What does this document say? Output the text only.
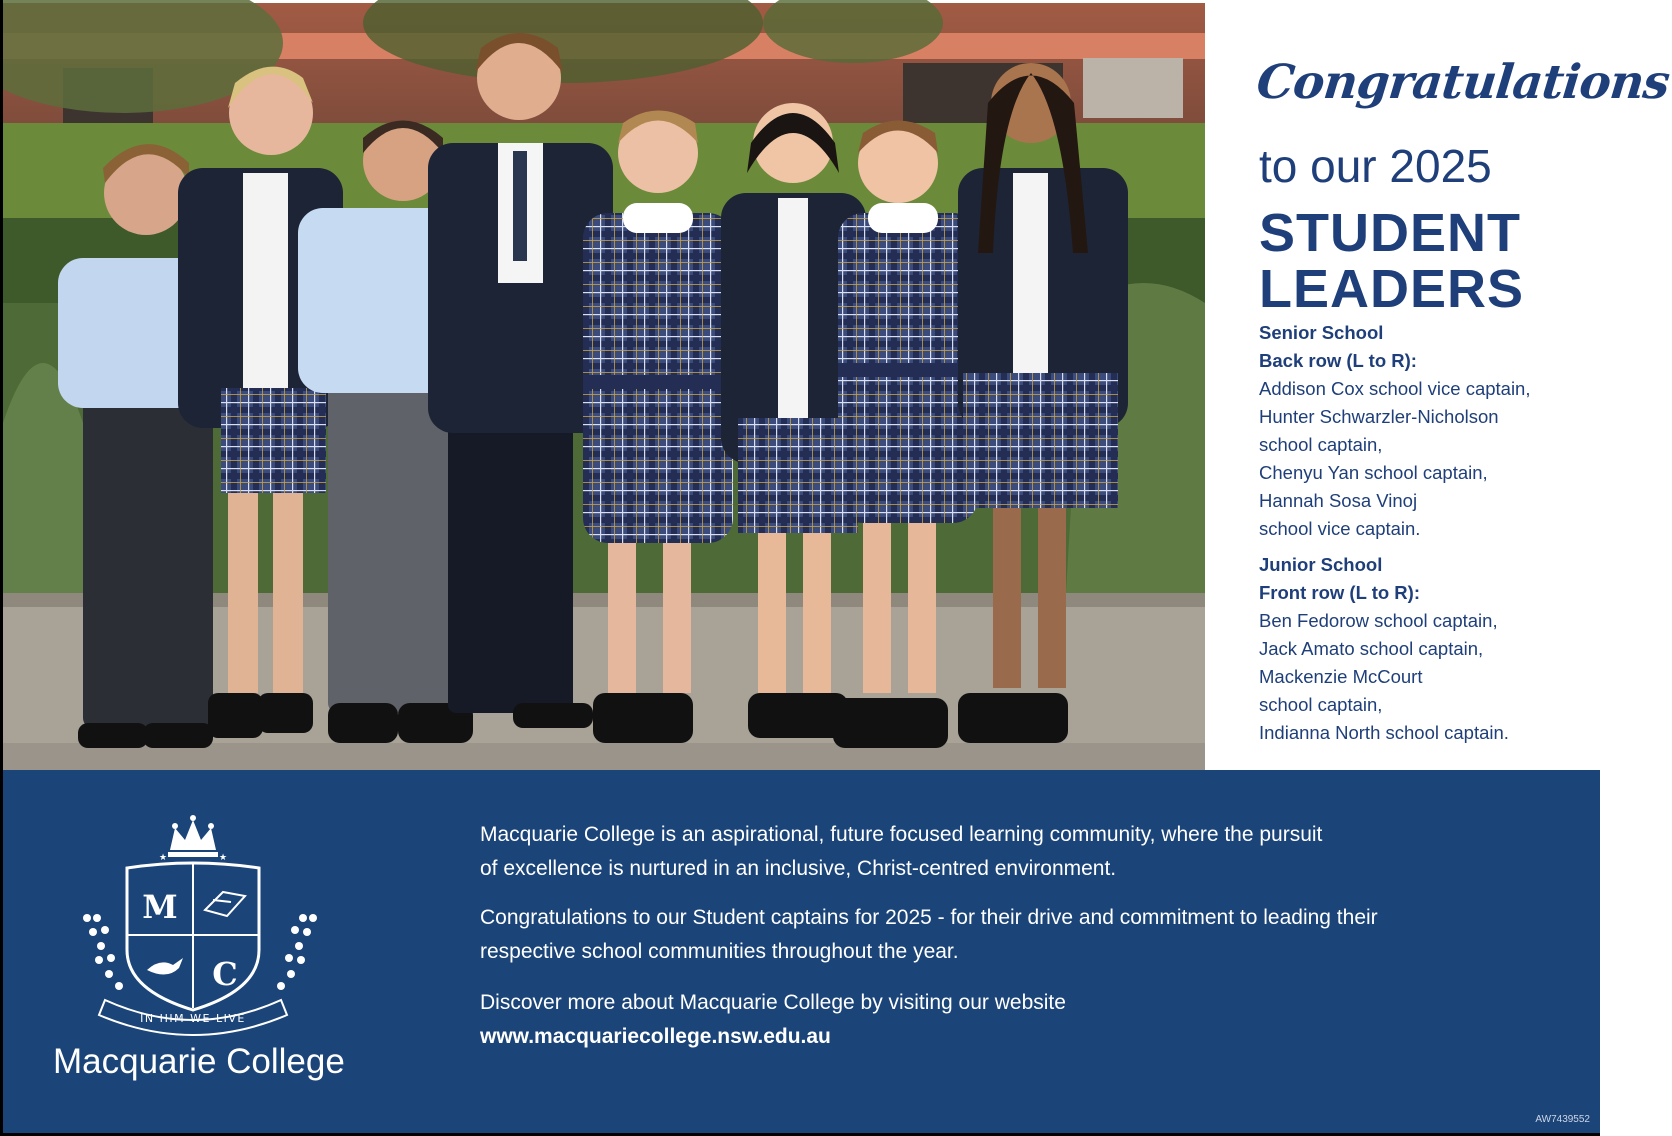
Congratulations
to our 2025
STUDENT
LEADERS
Senior School
Back row (L to R):
Addison Cox school vice captain,
Hunter Schwarzler-Nicholson
school captain,
Chenyu Yan school captain,
Hannah Sosa Vinoj
school vice captain.
Junior School
Front row (L to R):
Ben Fedorow school captain,
Jack Amato school captain,
Mackenzie McCourt
school captain,
Indianna North school captain.
★	★
M
C
IN HIM WE LIVE
Macquarie College
Macquarie College is an aspirational, future focused learning community, where the pursuit
of excellence is nurtured in an inclusive, Christ-centred environment.
Congratulations to our Student captains for 2025 - for their drive and commitment to leading their
respective school communities throughout the year.
Discover more about Macquarie College by visiting our website
www.macquariecollege.nsw.edu.au
AW7439552
